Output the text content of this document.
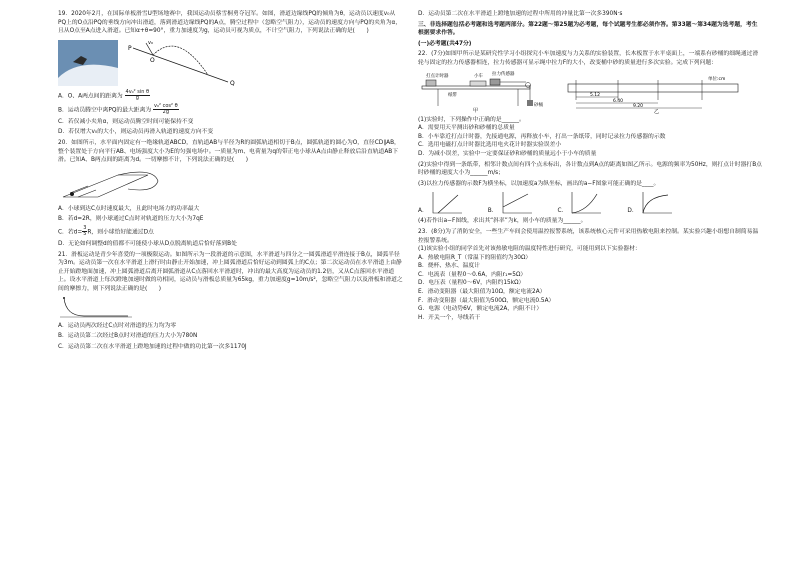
19．2020年2月，在国际单板滑雪U型场地赛中，我国运动员蔡雪桐勇夺冠军。如图，滑道边缘线PQ的倾角为θ，运动员以速度v₀从PQ上的O点沿PQ的垂线方向冲出滑道，落到滑道边缘线PQ的A点，腾空过程中（忽略空气阻力），运动员的速度方向与PQ的夹角为α，且从O点至A点进入滑道。已知α+θ=90°，重力加速度为g，运动员可视为质点，不计空气阻力，下列说法正确的是(　　)

P
O
v₀
Q

A．O、A两点间的距离为 $\frac{\text{4v₀² sin θ}}{g}$

B．运动员腾空中离PQ的最大距离为 $\frac{\text{v₀² cos² θ}}{2g}$

C．若仅减小夹角α，则运动员腾空时间可能保持不变

D．若仅增大v₀的大小，则运动员再滑入轨道的速度方向不变

20．如图所示，水平面内固定有一绝缘轨道ABCD，直轨道AB与半径为R的圆弧轨道相切于B点，圆弧轨道的圆心为O，直径CD∥AB，整个装置处于方向平行AB、电场强度大小为E的匀强电场中。一质量为m、电荷量为q的带正电小球从A点由静止释放后沿直轨道AB下滑。已知A、B两点间的距离为d。一切摩擦不计，下列说法正确的是(　　)

A．小球到达C点时速度最大，且此时电场力的功率最大

B．若d=2R，则小球通过C点时对轨道的压力大小为7qE

C．若$d= \frac{3}{5}$ R，则小球恰好能通过D点

D．无论如何调整d的值都不可能使小球从D点脱离轨道后恰好落到B处

21．滑板运动是青少年喜爱的一项极限运动。如图所示为一段滑道的示意图，水平滑道与四分之一圆弧滑道平滑连接于B点，圆弧半径为3m。运动员第一次在水平滑道上滑行时由静止开始加速，冲上圆弧滑道后恰好运动到圆弧上的C点；第二次运动员在水平滑道上由静止开始蹬地面加速，冲上圆弧滑道后离开圆弧滑道从C点落回水平滑道时，冲出的最大高度为运动员的1.2倍，又从C点落回水平滑道上。设水平滑道上每次蹬地加速时做的功相同，运动员与滑板总质量为65kg，重力加速度g=10m/s²，忽略空气阻力以及滑板和滑道之间的摩擦力，则下列说法正确的是(　　)

A．运动员两次经过C点时对滑道的压力均为零

B．运动员第二次经过B点时对滑道的压力大小为780N

C．运动员第二次在水平滑道上蹬地加速的过程中做的功比第一次多1170J

D．运动员第二次在水平滑道上蹬地加速的过程中所用的冲量比第一次多390N·s

三、非选择题包括必考题和选考题两部分。第22题～第25题为必考题，每个试题考生都必须作答。第33题～第34题为选考题，考生根据要求作答。

(一)必考题(共47分)

22．(7分)如图甲所示是某研究性学习小组探究小车加速度与力关系的实验装置，长木板置于水平桌面上，一端系有砂桶的细绳通过滑轮与固定的拉力传感器相连，拉力传感器可显示绳中拉力F的大小，改变桶中砂的质量进行多次实验。完成下列问题：

打点计时器	小车 拉力传感器
纸带
砂桶
甲
5.12
6.40
9.20
单位:cm
乙

(1)实验时，下列操作中正确的是______。

A．需要用天平测出砂和砂桶的总质量

B．小车靠近打点计时器，先接通电源，再释放小车，打出一条纸带，同时记录拉力传感器的示数

C．选用电磁打点计时器比选用电火花计时器实验误差小

D．为减小误差，实验中一定要保证砂和砂桶的质量远小于小车的质量

(2)实验中得到一条纸带，相邻计数点间有四个点未标出，各计数点到A点的距离如图乙所示。电源的频率为50Hz，则打点计时器打B点时砂桶的速度大小为______m/s；

(3)以拉力传感器的示数F为横坐标，以加速度a为纵坐标，画出的a−F图象可能正确的是____。

A．	B．	C．	D．

(4)若作出a−F图线，求出其“斜率”为k，则小车的质量为______。

23．(8分)为了消防安全，一些生产车间会使用温控报警系统，该系统核心元件可采用热敏电阻来控制。某实验兴趣小组想自制简易温控报警系统。

(1)该实验小组的同学首先对该热敏电阻的温度特性进行研究，可能用到以下实验器材：

A．热敏电阻R_T（常温下的阻值约为30Ω）

B．烧杯、热水、温度计

C．电流表（量程0～0.6A，内阻r₁=5Ω）

D．电压表（量程0～6V，内阻约15kΩ）

E．滑动变阻器（最大阻值为10Ω，额定电流2A）

F．滑动变阻器（最大阻值为500Ω，额定电流0.5A）

G．电源（电动势6V，额定电流2A，内阻不计）

H．开关一个，导线若干
